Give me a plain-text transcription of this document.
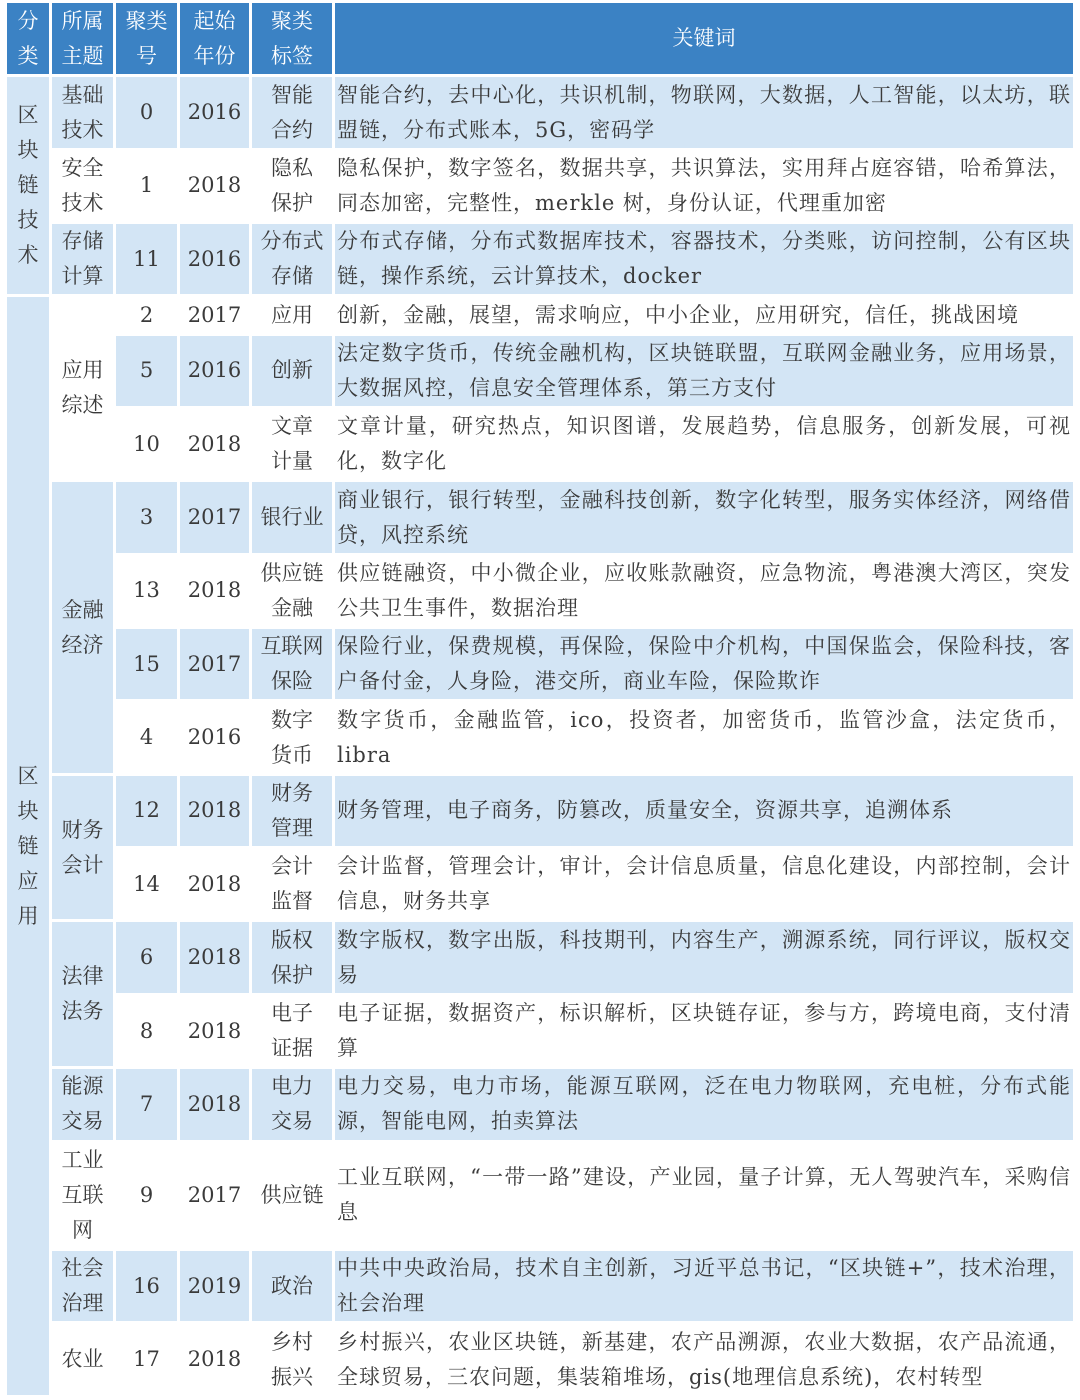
分类	所属主题	聚类号	起始年份	聚类标签	关键词

区块链技术	基础技术	0	2016	智能合约	智能合约，去中心化，共识机制，物联网，大数据，人工智能，以太坊，联盟链，分布式账本，5G，密码学

	安全技术	1	2018	隐私保护	隐私保护，数字签名，数据共享，共识算法，实用拜占庭容错，哈希算法，同态加密，完整性，merkle 树，身份认证，代理重加密

	存储计算	11	2016	分布式存储	分布式存储，分布式数据库技术，容器技术，分类账，访问控制，公有区块链，操作系统，云计算技术，docker

区块链应用	应用综述	2	2017	应用	创新，金融，展望，需求响应，中小企业，应用研究，信任，挑战困境
		5	2016	创新	法定数字货币，传统金融机构，区块链联盟，互联网金融业务，应用场景，大数据风控，信息安全管理体系，第三方支付
		10	2018	文章计量	文章计量，研究热点，知识图谱，发展趋势，信息服务，创新发展，可视化，数字化

	金融经济	3	2017	银行业	商业银行，银行转型，金融科技创新，数字化转型，服务实体经济，网络借贷，风控系统
		13	2018	供应链金融	供应链融资，中小微企业，应收账款融资，应急物流，粤港澳大湾区，突发公共卫生事件，数据治理
		15	2017	互联网保险	保险行业，保费规模，再保险，保险中介机构，中国保监会，保险科技，客户备付金，人身险，港交所，商业车险，保险欺诈
		4	2016	数字货币	数字货币，金融监管，ico，投资者，加密货币，监管沙盒，法定货币，libra

	财务会计	12	2018	财务管理	财务管理，电子商务，防篡改，质量安全，资源共享，追溯体系
		14	2018	会计监督	会计监督，管理会计，审计，会计信息质量，信息化建设，内部控制，会计信息，财务共享

	法律法务	6	2018	版权保护	数字版权，数字出版，科技期刊，内容生产，溯源系统，同行评议，版权交易
		8	2018	电子证据	电子证据，数据资产，标识解析，区块链存证，参与方，跨境电商，支付清算

	能源交易	7	2018	电力交易	电力交易，电力市场，能源互联网，泛在电力物联网，充电桩，分布式能源，智能电网，拍卖算法

	工业互联网	9	2017	供应链	工业互联网，“一带一路”建设，产业园，量子计算，无人驾驶汽车，采购信息

	社会治理	16	2019	政治	中共中央政治局，技术自主创新，习近平总书记，“区块链+”，技术治理，社会治理
	农业	17	2018	乡村振兴	乡村振兴，农业区块链，新基建，农产品溯源，农业大数据，农产品流通，全球贸易，三农问题，集装箱堆场，gis(地理信息系统)，农村转型
